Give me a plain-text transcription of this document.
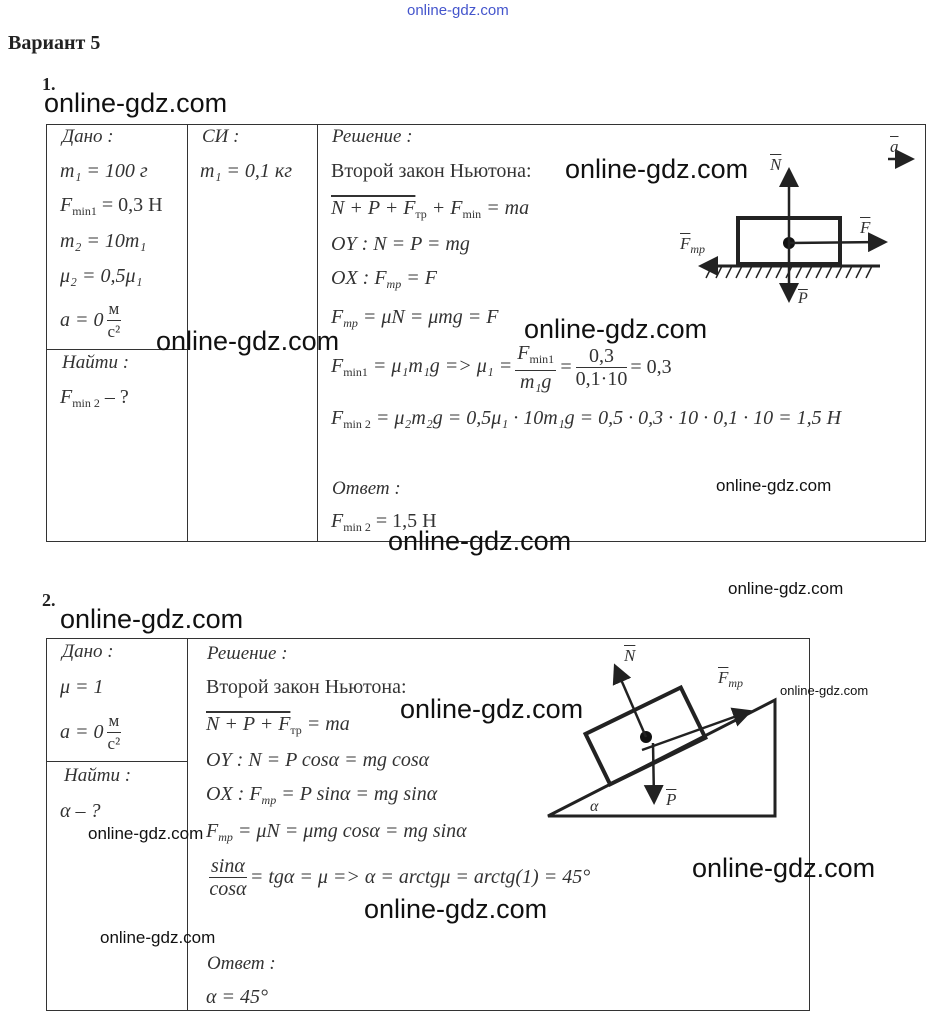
online-gdz.com
Вариант 5
1.
online-gdz.com
Дано :
m₁ = 100 г
$F_{min1} = 0,3$ Н
m₂ = 10m₁
μ₂ = 0,5μ₁
$a = 0 \frac{м}{\text{с²}}$
Найти :
$F_{min 2}$ – ?
СИ :
m₁ = 0,1 кг
Решение :
Второй закон Ньютона:
$N + P + F_{тр} + F_{min}$ = ma
OY : N = P = mg
OX : $F_{тр} = F$
$F_{тр} = \mu N = \mu mg = F$
$F_{min1} = \mu_1m_1g => \mu_1 = \frac{F_{min1}}{\text{m₁g}} = \frac{0,3}{0,1\cdot 10} = 0,3$
$F_{min 2} = \mu_2m_2g = 0,5\mu_1 \cdot 10m_1g = 0,5 \cdot 0,3 \cdot 10 \cdot 0,1 \cdot 10 = 1,5$ Н
Ответ :
$F_{min 2} = 1,5$ Н
$\overline{a}$
$\overline{N}$
$\overline{F}$
$\overline{F}_{тр}$
$\overline{P}$
online-gdz.com
online-gdz.com	online-gdz.com
online-gdz.com
online-gdz.com
2.
online-gdz.com
online-gdz.com
Дано :
μ = 1
$a = 0 \frac{м}{\text{с²}}$
Найти :
α – ?
Решение :
Второй закон Ньютона:
$N + P + F_{тр}$ = ma
OY : N = P cosα = mg cosα
OX : $F_{тр} = P$ sinα = mg sinα
$F_{тр} = \mu N = \mu mg$ cosα = mg sinα
$\frac{\sin\alpha}{\cos\alpha} = tg\alpha = \mu => \alpha$ = arctgμ = arctg(1) = 45°
Ответ :
α = 45°
$\overline{N}$
$\overline{F}_{тр}$
$\overline{P}$
α
online-gdz.com
online-gdz.com
online-gdz.com
online-gdz.com
online-gdz.com
online-gdz.com
